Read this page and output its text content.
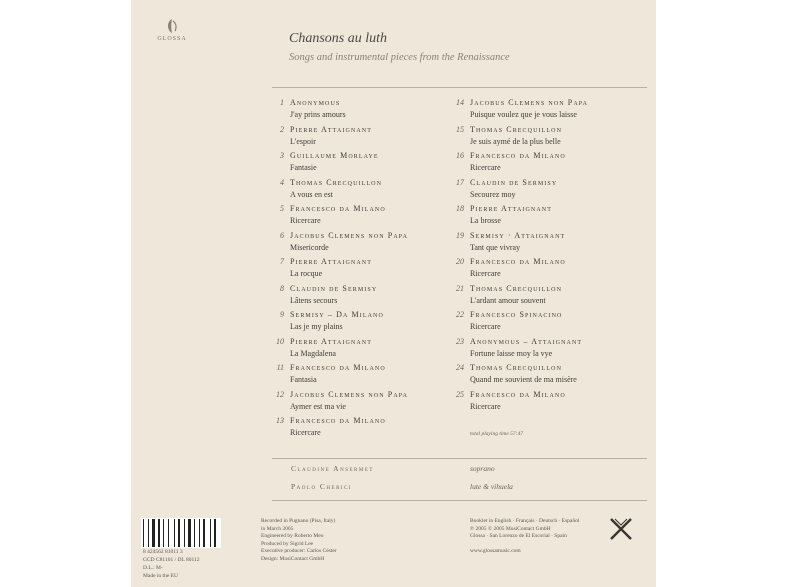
GLOSSA	Chansons au luth
Songs and instrumental pieces from the Renaissance
1 Anonymous
J'ay prins amours
2 Pierre Attaignant
L'espoir
3 Guillaume Morlaye
Fantasie
4 Thomas Crecquillon
A vous en est
5 Francesco da Milano
Ricercare
6 Jacobus Clemens non Papa
Misericorde
7 Pierre Attaignant
La rocque
8 Claudin de Sermisy
Lâtens secours
9 Sermisy – Da Milano
Las je my plains
10 Pierre Attaignant
La Magdalena
11 Francesco da Milano
Fantasia
12 Jacobus Clemens non Papa
Aymer est ma vie
13 Francesco da Milano
Ricercare
14 Jacobus Clemens non Papa
Puisque voulez que je vous laisse
15 Thomas Crecquillon
Je suis aymé de la plus belle
16 Francesco da Milano
Ricercare
17 Claudin de Sermisy
Secourez moy
18 Pierre Attaignant
La brosse
19 Sermisy · Attaignant
Tant que vivray
20 Francesco da Milano
Ricercare
21 Thomas Crecquillon
L'ardant amour souvent
22 Francesco Spinacino
Ricercare
23 Anonymous – Attaignant
Fortune laisse moy la vye
24 Thomas Crecquillon
Quand me souvient de ma misère
25 Francesco da Milano
Ricercare
total playing time 57:47
Claudine Ansermet	soprano
Paolo Cherici	lute & vihuela
8 424562 81011 3
GCD C81101 / DL 80112
D.L.: M-
Made in the EU
Recorded in Pugnano (Pisa, Italy)
in March 2005
Engineered by Roberto Meo
Produced by Sigrid Lee
Executive producer: Carlos Céster
Design: MusiContact GmbH
Booklet in English · Français · Deutsch · Español
℗ 2005 © 2005 MusiContact GmbH
Glossa · San Lorenzo de El Escorial · Spain
www.glossamusic.com
